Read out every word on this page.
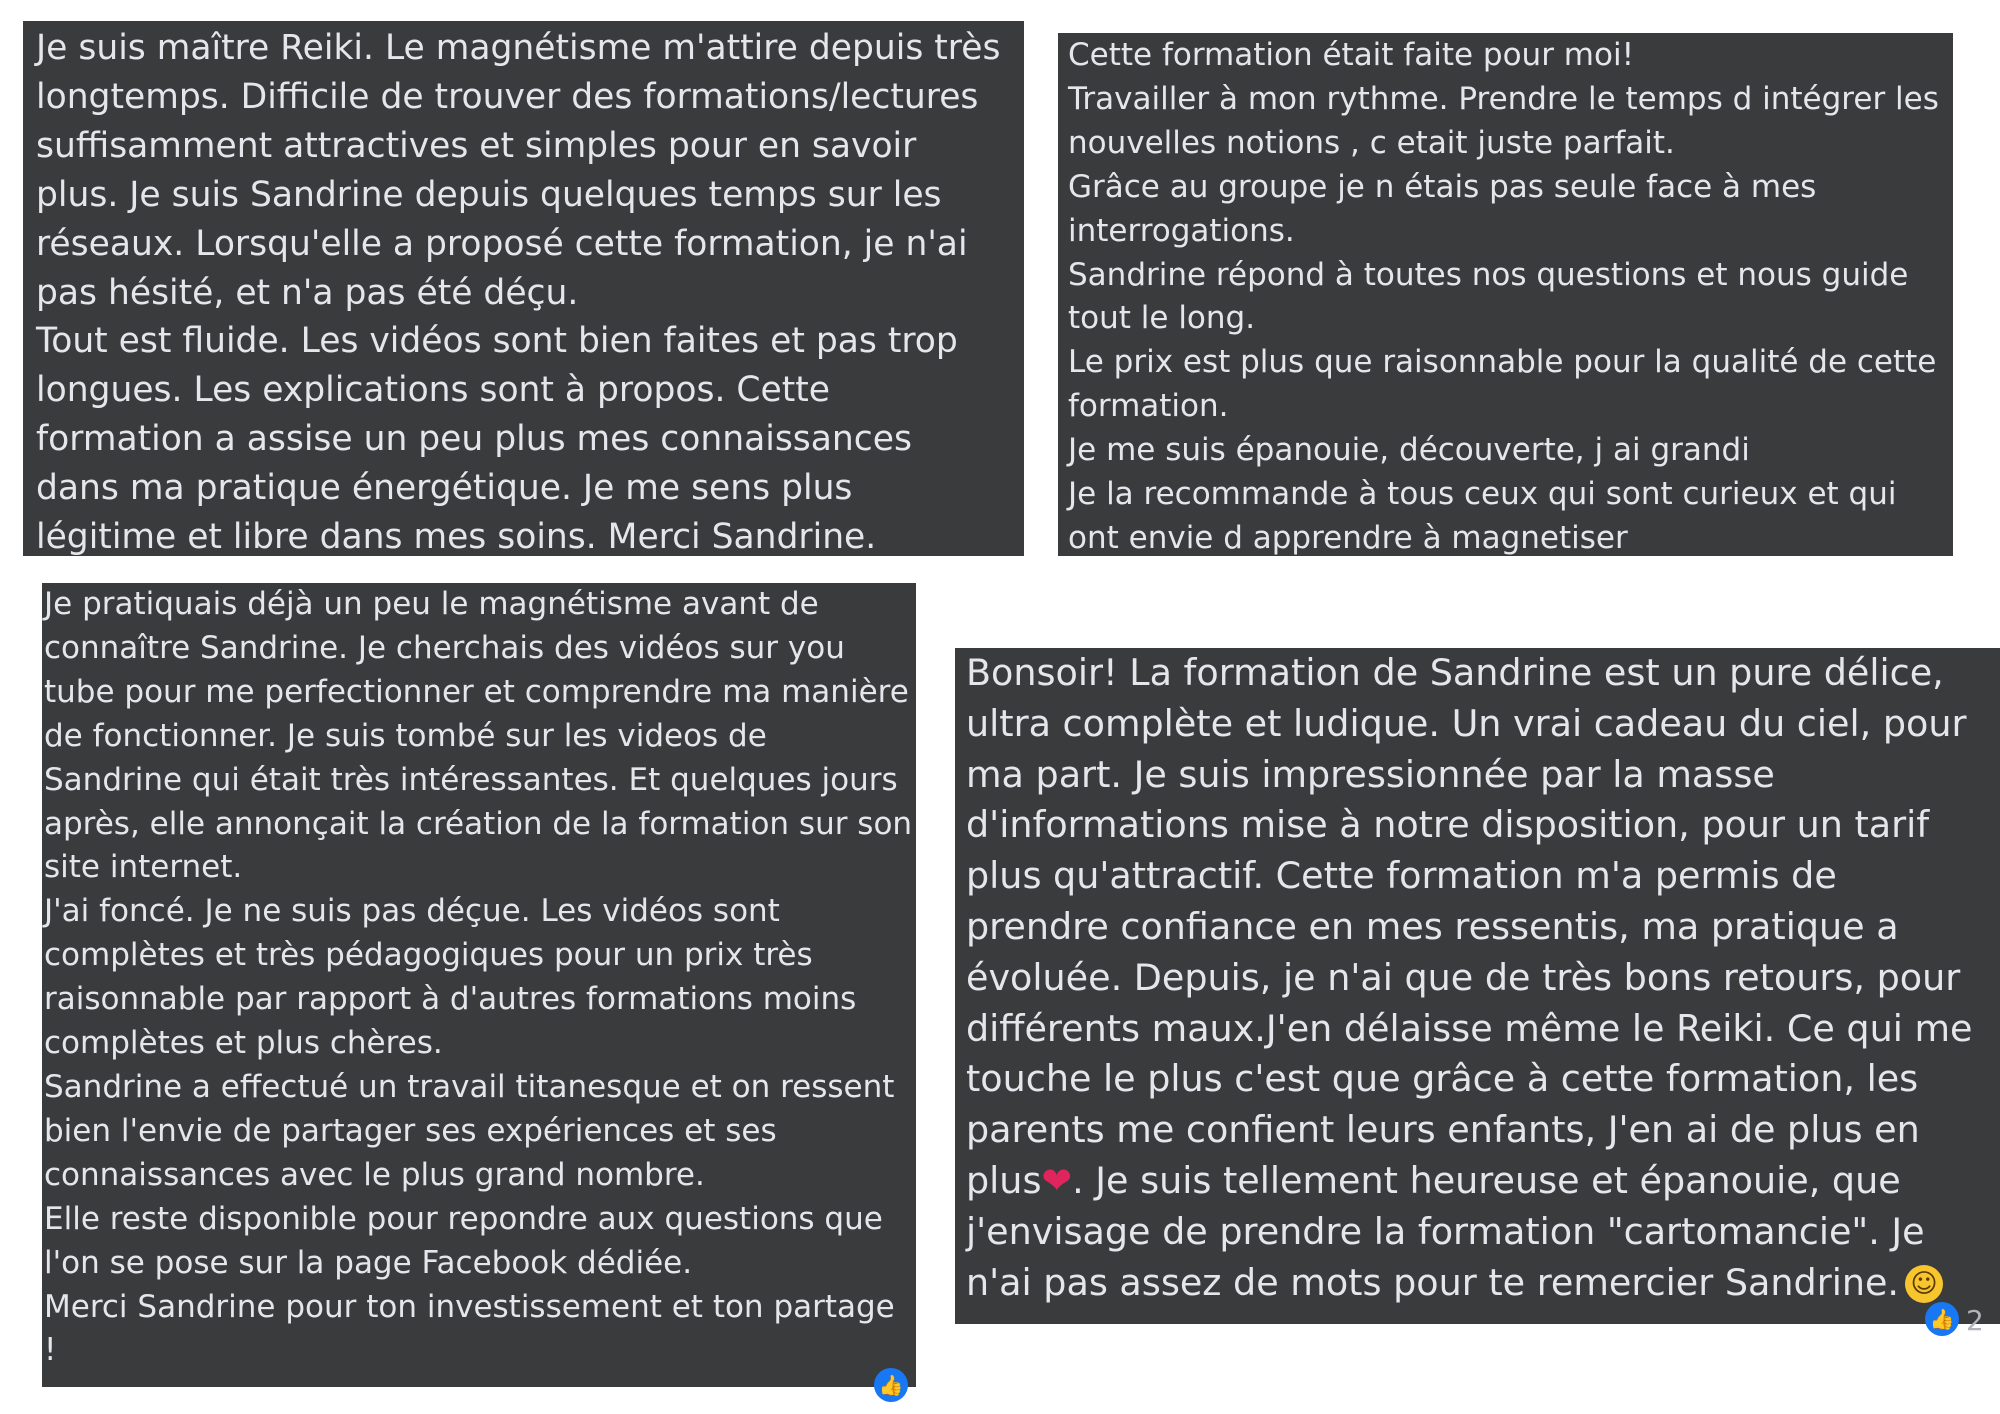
Je suis maître Reiki. Le magnétisme m'attire depuis très
longtemps. Difficile de trouver des formations/lectures
suffisamment attractives et simples pour en savoir
plus. Je suis Sandrine depuis quelques temps sur les
réseaux. Lorsqu'elle a proposé cette formation, je n'ai
pas hésité, et n'a pas été déçu.
Tout est fluide. Les vidéos sont bien faites et pas trop
longues. Les explications sont à propos. Cette
formation a assise un peu plus mes connaissances
dans ma pratique énergétique. Je me sens plus
légitime et libre dans mes soins. Merci Sandrine.
Cette formation était faite pour moi!
Travailler à mon rythme. Prendre le temps d intégrer les
nouvelles notions , c etait juste parfait.
Grâce au groupe je n étais pas seule face à mes
interrogations.
Sandrine répond à toutes nos questions et nous guide
tout le long.
Le prix est plus que raisonnable pour la qualité de cette
formation.
Je me suis épanouie, découverte, j ai grandi
Je la recommande à tous ceux qui sont curieux et qui
ont envie d apprendre à magnetiser
Je pratiquais déjà un peu le magnétisme avant de
connaître Sandrine. Je cherchais des vidéos sur you
tube pour me perfectionner et comprendre ma manière
de fonctionner. Je suis tombé sur les videos de
Sandrine qui était très intéressantes. Et quelques jours
après, elle annonçait la création de la formation sur son
site internet.
J'ai foncé. Je ne suis pas déçue. Les vidéos sont
complètes et très pédagogiques pour un prix très
raisonnable par rapport à d'autres formations moins
complètes et plus chères.
Sandrine a effectué un travail titanesque et on ressent
bien l'envie de partager ses expériences et ses
connaissances avec le plus grand nombre.
Elle reste disponible pour repondre aux questions que
l'on se pose sur la page Facebook dédiée.
Merci Sandrine pour ton investissement et ton partage
!
👍
Bonsoir! La formation de Sandrine est un pure délice,
ultra complète et ludique. Un vrai cadeau du ciel, pour
ma part. Je suis impressionnée par la masse
d'informations mise à notre disposition, pour un tarif
plus qu'attractif. Cette formation m'a permis de
prendre confiance en mes ressentis, ma pratique a
évoluée. Depuis, je n'ai que de très bons retours, pour
différents maux.J'en délaisse même le Reiki. Ce qui me
touche le plus c'est que grâce à cette formation, les
parents me confient leurs enfants, J'en ai de plus en
plus❤. Je suis tellement heureuse et épanouie, que
j'envisage de prendre la formation "cartomancie". Je
n'ai pas assez de mots pour te remercier Sandrine. ☺
👍 2
